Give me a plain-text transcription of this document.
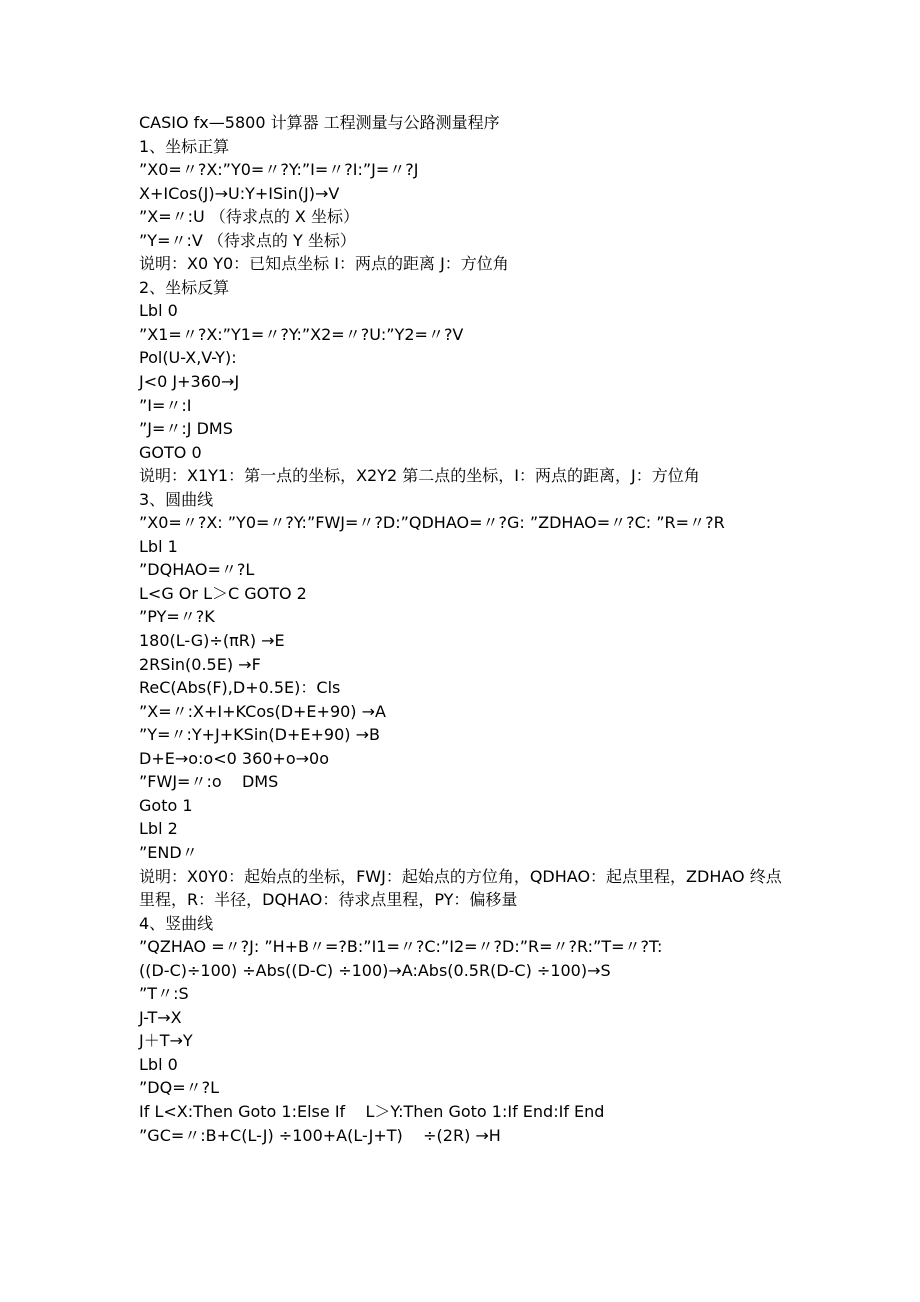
CASIO fx—5800 计算器 工程测量与公路测量程序
1、坐标正算
”X0=〃?X:”Y0=〃?Y:”I=〃?I:”J=〃?J
X+ICos(J)→U:Y+ISin(J)→V
”X=〃:U （待求点的 X 坐标）
”Y=〃:V （待求点的 Y 坐标）
说明：X0 Y0：已知点坐标 I：两点的距离 J：方位角
2、坐标反算
Lbl 0
”X1=〃?X:”Y1=〃?Y:”X2=〃?U:”Y2=〃?V
Pol(U-X,V-Y):
J<0 J+360→J
”I=〃:I
”J=〃:J DMS
GOTO 0
说明：X1Y1：第一点的坐标，X2Y2 第二点的坐标，I：两点的距离，J：方位角
3、圆曲线
”X0=〃?X: ”Y0=〃?Y:”FWJ=〃?D:”QDHAO=〃?G: ”ZDHAO=〃?C: ”R=〃?R
Lbl 1
”DQHAO=〃?L
L<G Or L＞C GOTO 2
”PY=〃?K
180(L-G)÷(πR) →E
2RSin(0.5E) →F
ReC(Abs(F),D+0.5E)：Cls
”X=〃:X+I+KCos(D+E+90) →A
”Y=〃:Y+J+KSin(D+E+90) →B
D+E→o:o<0 360+o→0o
”FWJ=〃:o    DMS
Goto 1
Lbl 2
”END〃
说明：X0Y0：起始点的坐标，FWJ：起始点的方位角，QDHAO：起点里程，ZDHAO 终点里程，R：半径，DQHAO：待求点里程，PY：偏移量
4、竖曲线
”QZHAO =〃?J: ”H+B〃=?B:”I1=〃?C:”I2=〃?D:”R=〃?R:”T=〃?T:
((D-C)÷100) ÷Abs((D-C) ÷100)→A:Abs(0.5R(D-C) ÷100)→S
”T〃:S
J-T→X
J＋T→Y
Lbl 0
”DQ=〃?L
If L<X:Then Goto 1:Else If    L＞Y:Then Goto 1:If End:If End
”GC=〃:B+C(L-J) ÷100+A(L-J+T)    ÷(2R) →H
